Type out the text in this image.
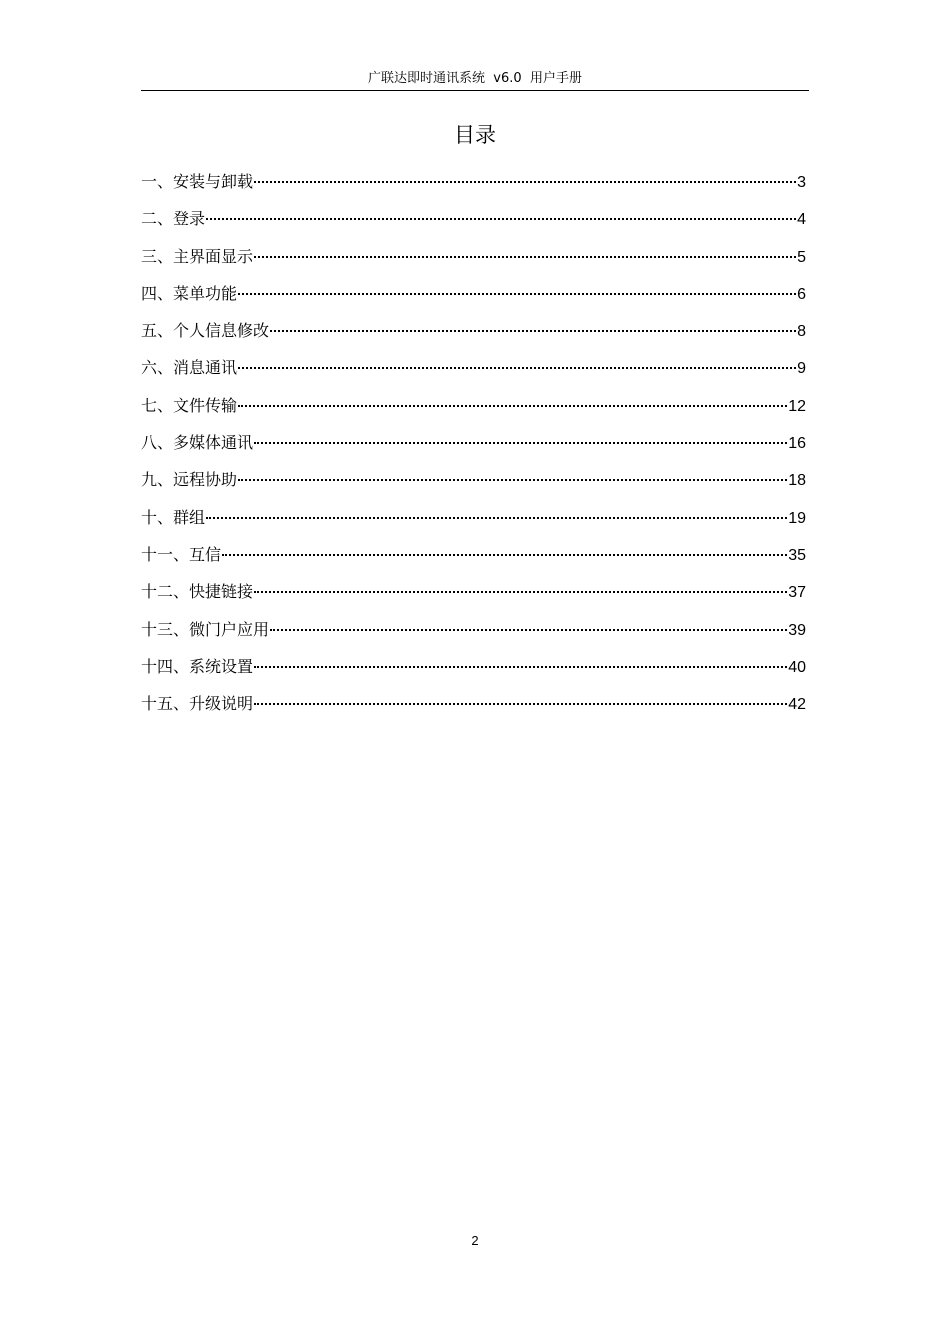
广联达即时通讯系统  v6.0  用户手册
目录
一、安装与卸载	3
二、登录	4
三、主界面显示	5
四、菜单功能	6
五、个人信息修改	8
六、消息通讯	9
七、文件传输	12
八、多媒体通讯	16
九、远程协助	18
十、群组	19
十一、互信	35
十二、快捷链接	37
十三、微门户应用	39
十四、系统设置	40
十五、升级说明	42
2
